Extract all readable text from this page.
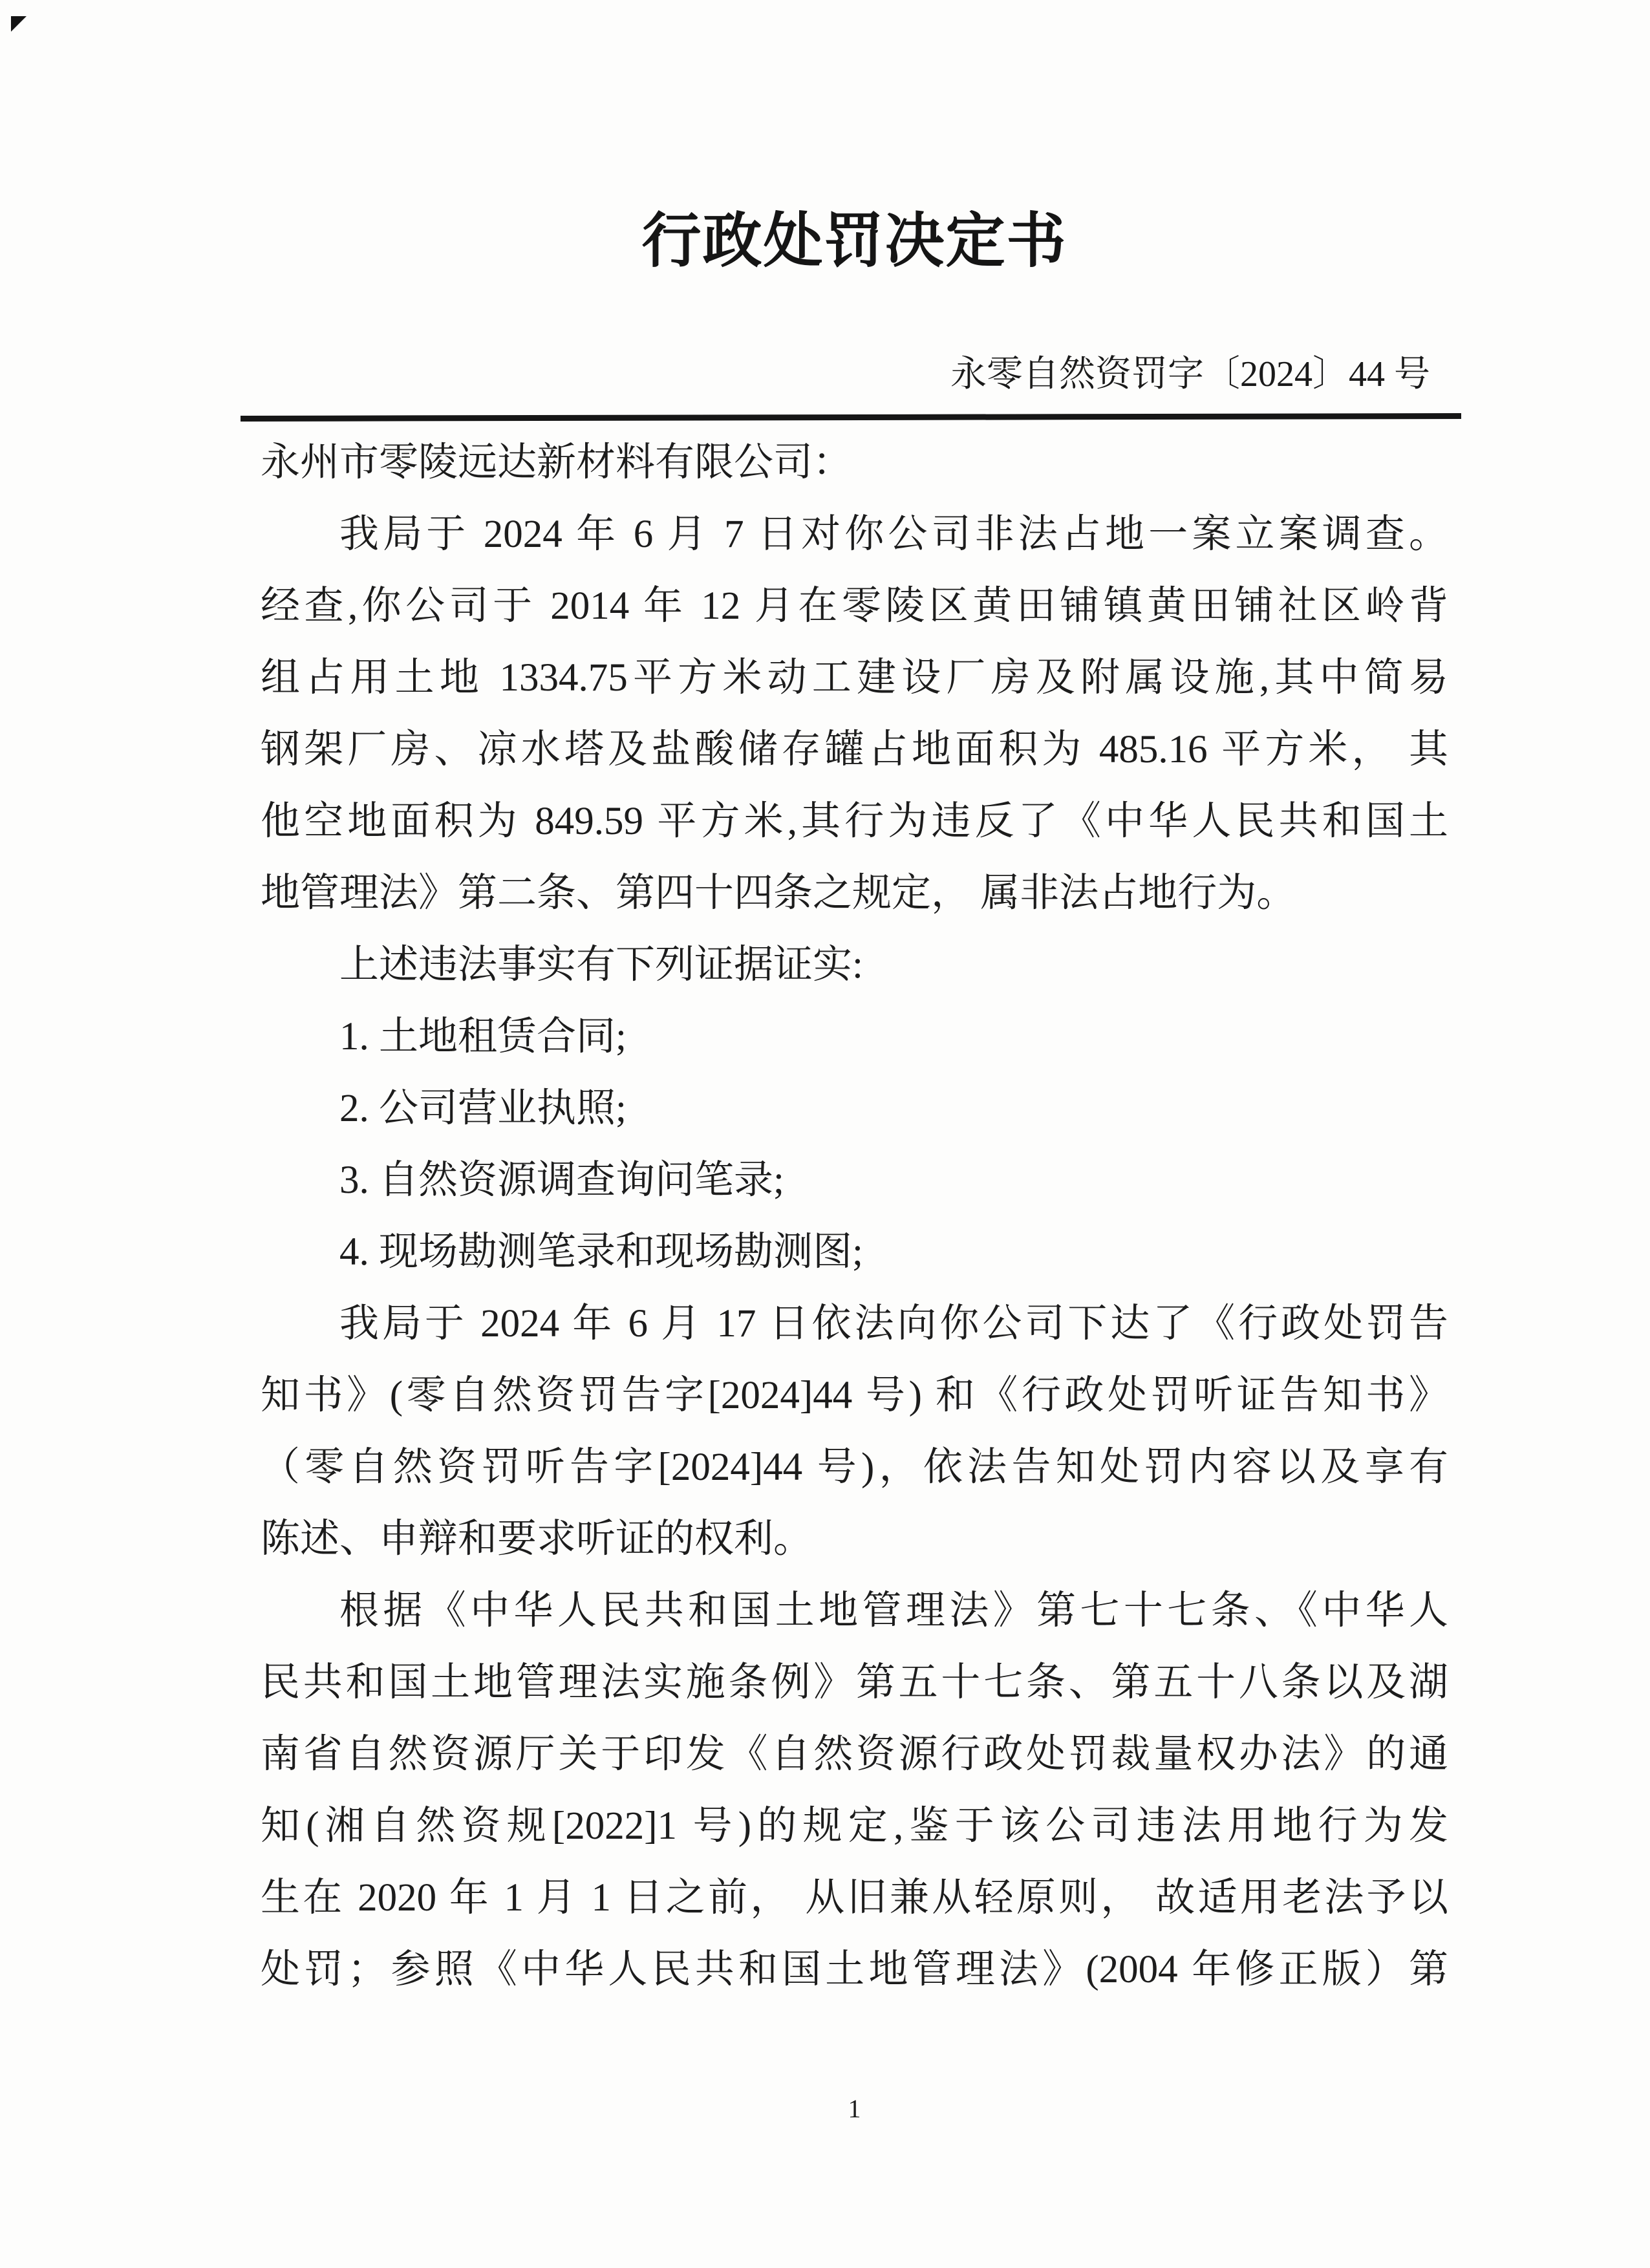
行政处罚决定书
永零自然资罚字〔2024〕44 号
永州市零陵远达新材料有限公司：
我局于 2024 年 6 月 7 日对你公司非法占地一案立案调查。
经查,你公司于 2014 年 12 月在零陵区黄田铺镇黄田铺社区岭背
组占用土地 1334.75平方米动工建设厂房及附属设施,其中简易
钢架厂房、凉水塔及盐酸储存罐占地面积为 485.16 平方米， 其
他空地面积为 849.59 平方米,其行为违反了《中华人民共和国土
地管理法》第二条、第四十四条之规定， 属非法占地行为。
上述违法事实有下列证据证实:
1. 土地租赁合同;
2. 公司营业执照;
3. 自然资源调查询问笔录;
4. 现场勘测笔录和现场勘测图;
我局于 2024 年 6 月 17 日依法向你公司下达了《行政处罚告
知书》(零自然资罚告字[2024]44 号) 和《行政处罚听证告知书》
（零自然资罚听告字[2024]44 号)，依法告知处罚内容以及享有
陈述、申辩和要求听证的权利。
根据《中华人民共和国土地管理法》第七十七条、《中华人
民共和国土地管理法实施条例》第五十七条、第五十八条以及湖
南省自然资源厅关于印发《自然资源行政处罚裁量权办法》的通
知(湘自然资规[2022]1 号)的规定,鉴于该公司违法用地行为发
生在 2020 年 1 月 1 日之前， 从旧兼从轻原则， 故适用老法予以
处罚；参照《中华人民共和国土地管理法》(2004 年修正版）第
1
